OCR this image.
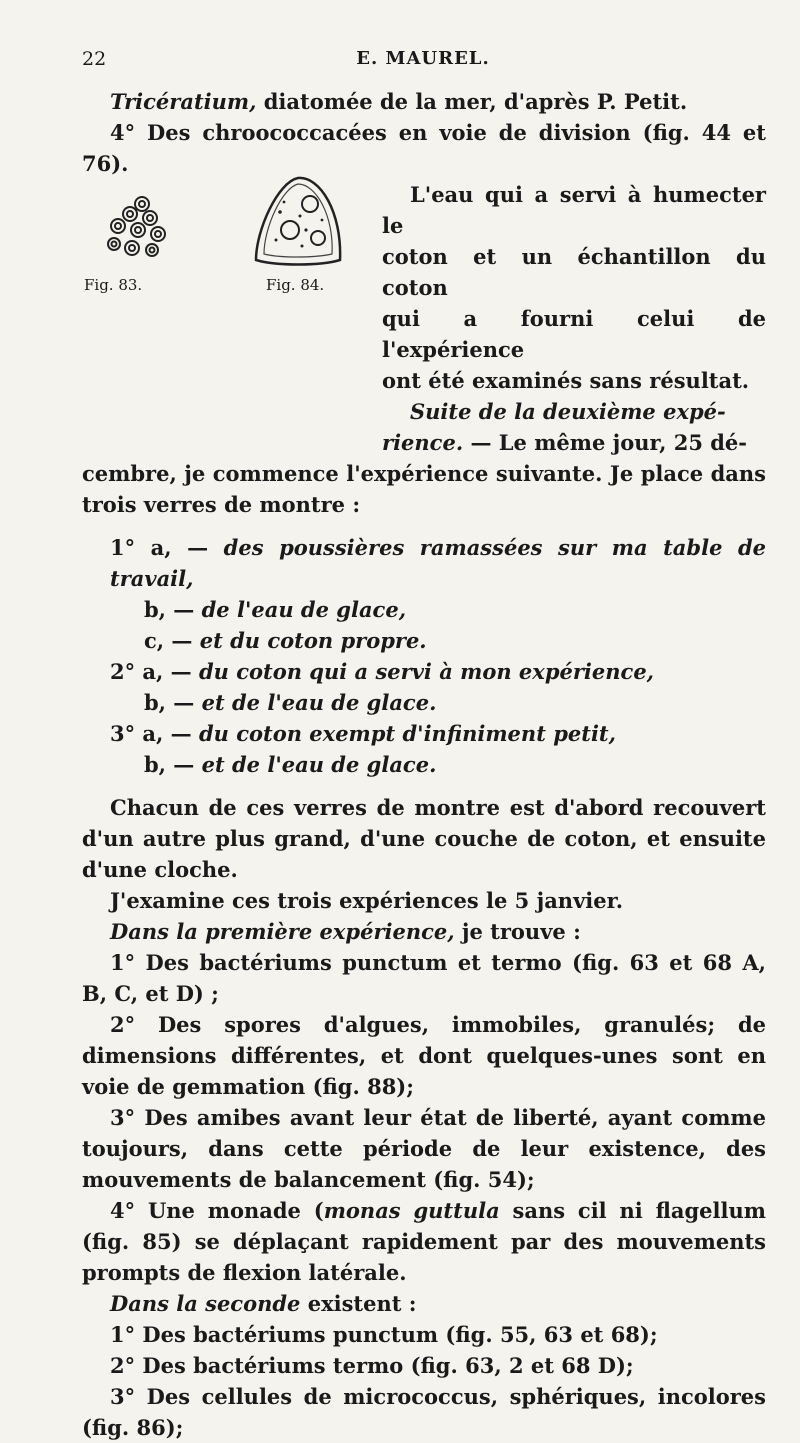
22	E. MAUREL.
Fig. 83.	Fig. 84.

Tricératium, diatomée de la mer, d'après P. Petit.

4° Des chroococcacées en voie de division (fig. 44 et 76).

L'eau qui a servi à humecter le
coton et un échantillon du coton
qui a fourni celui de l'expérience
ont été examinés sans résultat.
Suite de la deuxième expé-
rience. — Le même jour, 25 dé-

cembre, je commence l'expérience suivante. Je place dans trois verres de montre :

1° a, — des poussières ramassées sur ma table de travail,
b, — de l'eau de glace,
c, — et du coton propre.
2° a, — du coton qui a servi à mon expérience,
b, — et de l'eau de glace.
3° a, — du coton exempt d'infiniment petit,
b, — et de l'eau de glace.

Chacun de ces verres de montre est d'abord recouvert d'un autre plus grand, d'une couche de coton, et ensuite d'une cloche.

J'examine ces trois expériences le 5 janvier.

Dans la première expérience, je trouve :

1° Des bactériums punctum et termo (fig. 63 et 68 A, B, C, et D) ;

2° Des spores d'algues, immobiles, granulés; de dimensions différentes, et dont quelques-unes sont en voie de gemmation (fig. 88);

3° Des amibes avant leur état de liberté, ayant comme toujours, dans cette période de leur existence, des mouvements de balancement (fig. 54);

4° Une monade (monas guttula sans cil ni flagellum (fig. 85) se déplaçant rapidement par des mouvements prompts de flexion latérale.

Dans la seconde existent :

1° Des bactériums punctum (fig. 55, 63 et 68);

2° Des bactériums termo (fig. 63, 2 et 68 D);

3° Des cellules de micrococcus, sphériques, incolores (fig. 86);
